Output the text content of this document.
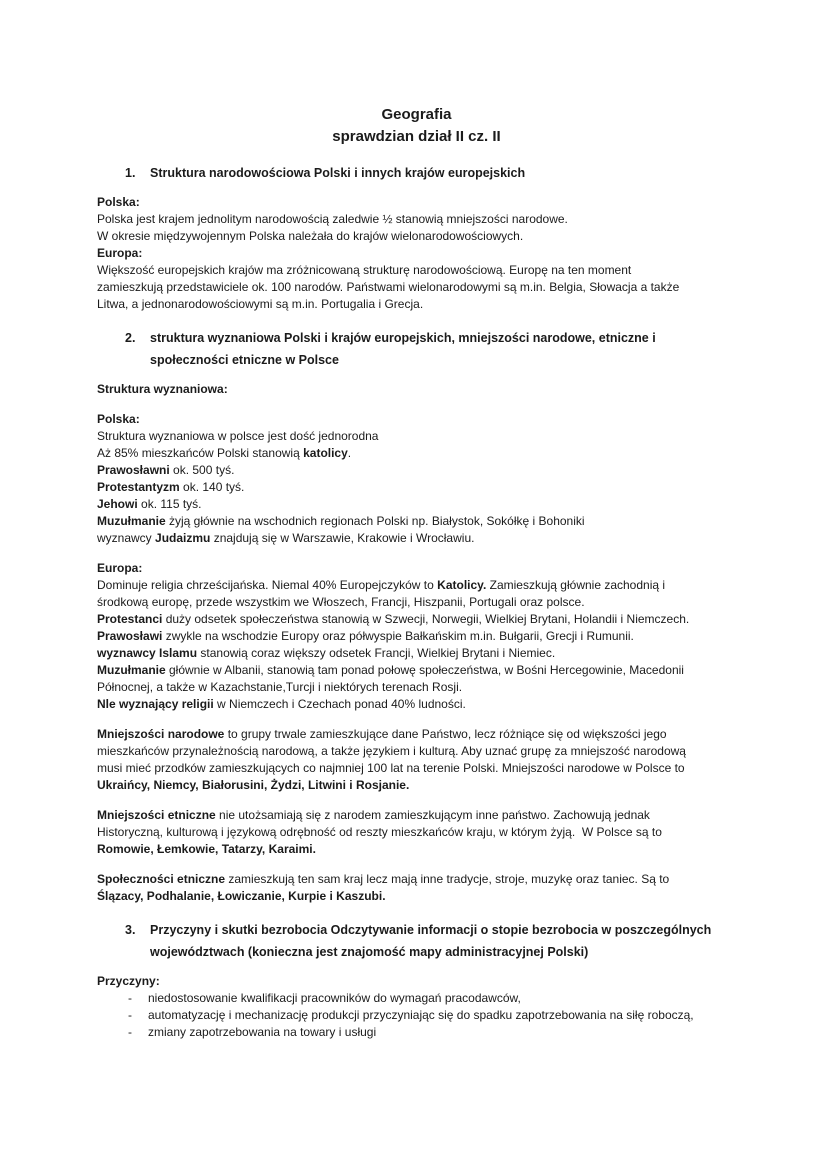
Geografia
sprawdzian dział II cz. II
1.	Struktura narodowościowa Polski i innych krajów europejskich
Polska:
Polska jest krajem jednolitym narodowością zaledwie ½ stanowią mniejszości narodowe.
W okresie międzywojennym Polska należała do krajów wielonarodowościowych.
Europa:
Większość europejskich krajów ma zróżnicowaną strukturę narodowościową. Europę na ten moment
zamieszkują przedstawiciele ok. 100 narodów. Państwami wielonarodowymi są m.in. Belgia, Słowacja a także
Litwa, a jednonarodowościowymi są m.in. Portugalia i Grecja.
2.	struktura wyznaniowa Polski i krajów europejskich, mniejszości narodowe, etniczne i
społeczności etniczne w Polsce
Struktura wyznaniowa:
Polska:
Struktura wyznaniowa w polsce jest dość jednorodna
Aż 85% mieszkańców Polski stanowią katolicy.
Prawosławni ok. 500 tyś.
Protestantyzm ok. 140 tyś.
Jehowi ok. 115 tyś.
Muzułmanie żyją głównie na wschodnich regionach Polski np. Białystok, Sokółkę i Bohoniki
wyznawcy Judaizmu znajdują się w Warszawie, Krakowie i Wrocławiu.
Europa:
Dominuje religia chrześcijańska. Niemal 40% Europejczyków to Katolicy. Zamieszkują głównie zachodnią i
środkową europę, przede wszystkim we Włoszech, Francji, Hiszpanii, Portugali oraz polsce.
Protestanci duży odsetek społeczeństwa stanowią w Szwecji, Norwegii, Wielkiej Brytani, Holandii i Niemczech.
Prawosławi zwykle na wschodzie Europy oraz półwyspie Bałkańskim m.in. Bułgarii, Grecji i Rumunii.
wyznawcy Islamu stanowią coraz większy odsetek Francji, Wielkiej Brytani i Niemiec.
Muzułmanie głównie w Albanii, stanowią tam ponad połowę społeczeństwa, w Bośni Hercegowinie, Macedonii
Północnej, a także w Kazachstanie,Turcji i niektórych terenach Rosji.
Nle wyznający religii w Niemczech i Czechach ponad 40% ludności.
Mniejszości narodowe to grupy trwale zamieszkujące dane Państwo, lecz różniące się od większości jego
mieszkańców przynależnością narodową, a także językiem i kulturą. Aby uznać grupę za mniejszość narodową
musi mieć przodków zamieszkujących co najmniej 100 lat na terenie Polski. Mniejszości narodowe w Polsce to
Ukraińcy, Niemcy, Białorusini, Żydzi, Litwini i Rosjanie.
Mniejszości etniczne nie utożsamiają się z narodem zamieszkującym inne państwo. Zachowują jednak
Historyczną, kulturową i językową odrębność od reszty mieszkańców kraju, w którym żyją.  W Polsce są to
Romowie, Łemkowie, Tatarzy, Karaimi.
Społeczności etniczne zamieszkują ten sam kraj lecz mają inne tradycje, stroje, muzykę oraz taniec. Są to
Ślązacy, Podhalanie, Łowiczanie, Kurpie i Kaszubi.
3.	Przyczyny i skutki bezrobocia Odczytywanie informacji o stopie bezrobocia w poszczególnych
województwach (konieczna jest znajomość mapy administracyjnej Polski)
Przyczyny:
-	niedostosowanie kwalifikacji pracowników do wymagań pracodawców,
-	automatyzację i mechanizację produkcji przyczyniając się do spadku zapotrzebowania na siłę roboczą,
-	zmiany zapotrzebowania na towary i usługi
